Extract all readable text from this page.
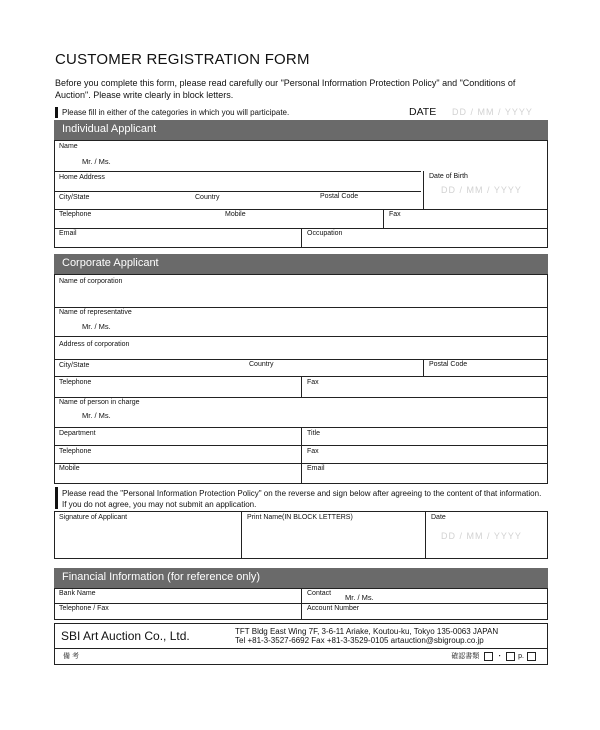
CUSTOMER REGISTRATION FORM
Before you complete this form, please read carefully our "Personal Information Protection Policy" and "Conditions of Auction". Please write clearly in block letters.
Please fill in either of the categories in which you will participate.	DATE DD / MM / YYYY
Individual Applicant
Name
Mr. / Ms.
Home Address	Date of Birth
DD / MM / YYYY
City/State	Country	Postal Code
Telephone	Mobile	Fax
Email	Occupation
Corporate Applicant
Name of corporation
Name of representative
Mr. / Ms.
Address of corporation
City/State	Country	Postal Code
Telephone	Fax
Name of person in charge
Mr. / Ms.
Department	Title
Telephone	Fax
Mobile	Email
Please read the "Personal Information Protection Policy" on the reverse and sign below after agreeing to the content of that information. If you do not agree, you may not submit an application.
Signature of Applicant	Print Name(IN BLOCK LETTERS)	Date
DD / MM / YYYY
Financial Information (for reference only)
Bank Name	Contact Mr. / Ms.
Telephone / Fax	Account Number
SBI Art Auction Co., Ltd.	TFT Bldg East Wing 7F, 3-6-11 Ariake, Koutou-ku, Tokyo 135-0063 JAPAN
Tel +81-3-3527-6692 Fax +81-3-3529-0105 artauction@sbigroup.co.jp
備 考	確認書類 ・ p.
